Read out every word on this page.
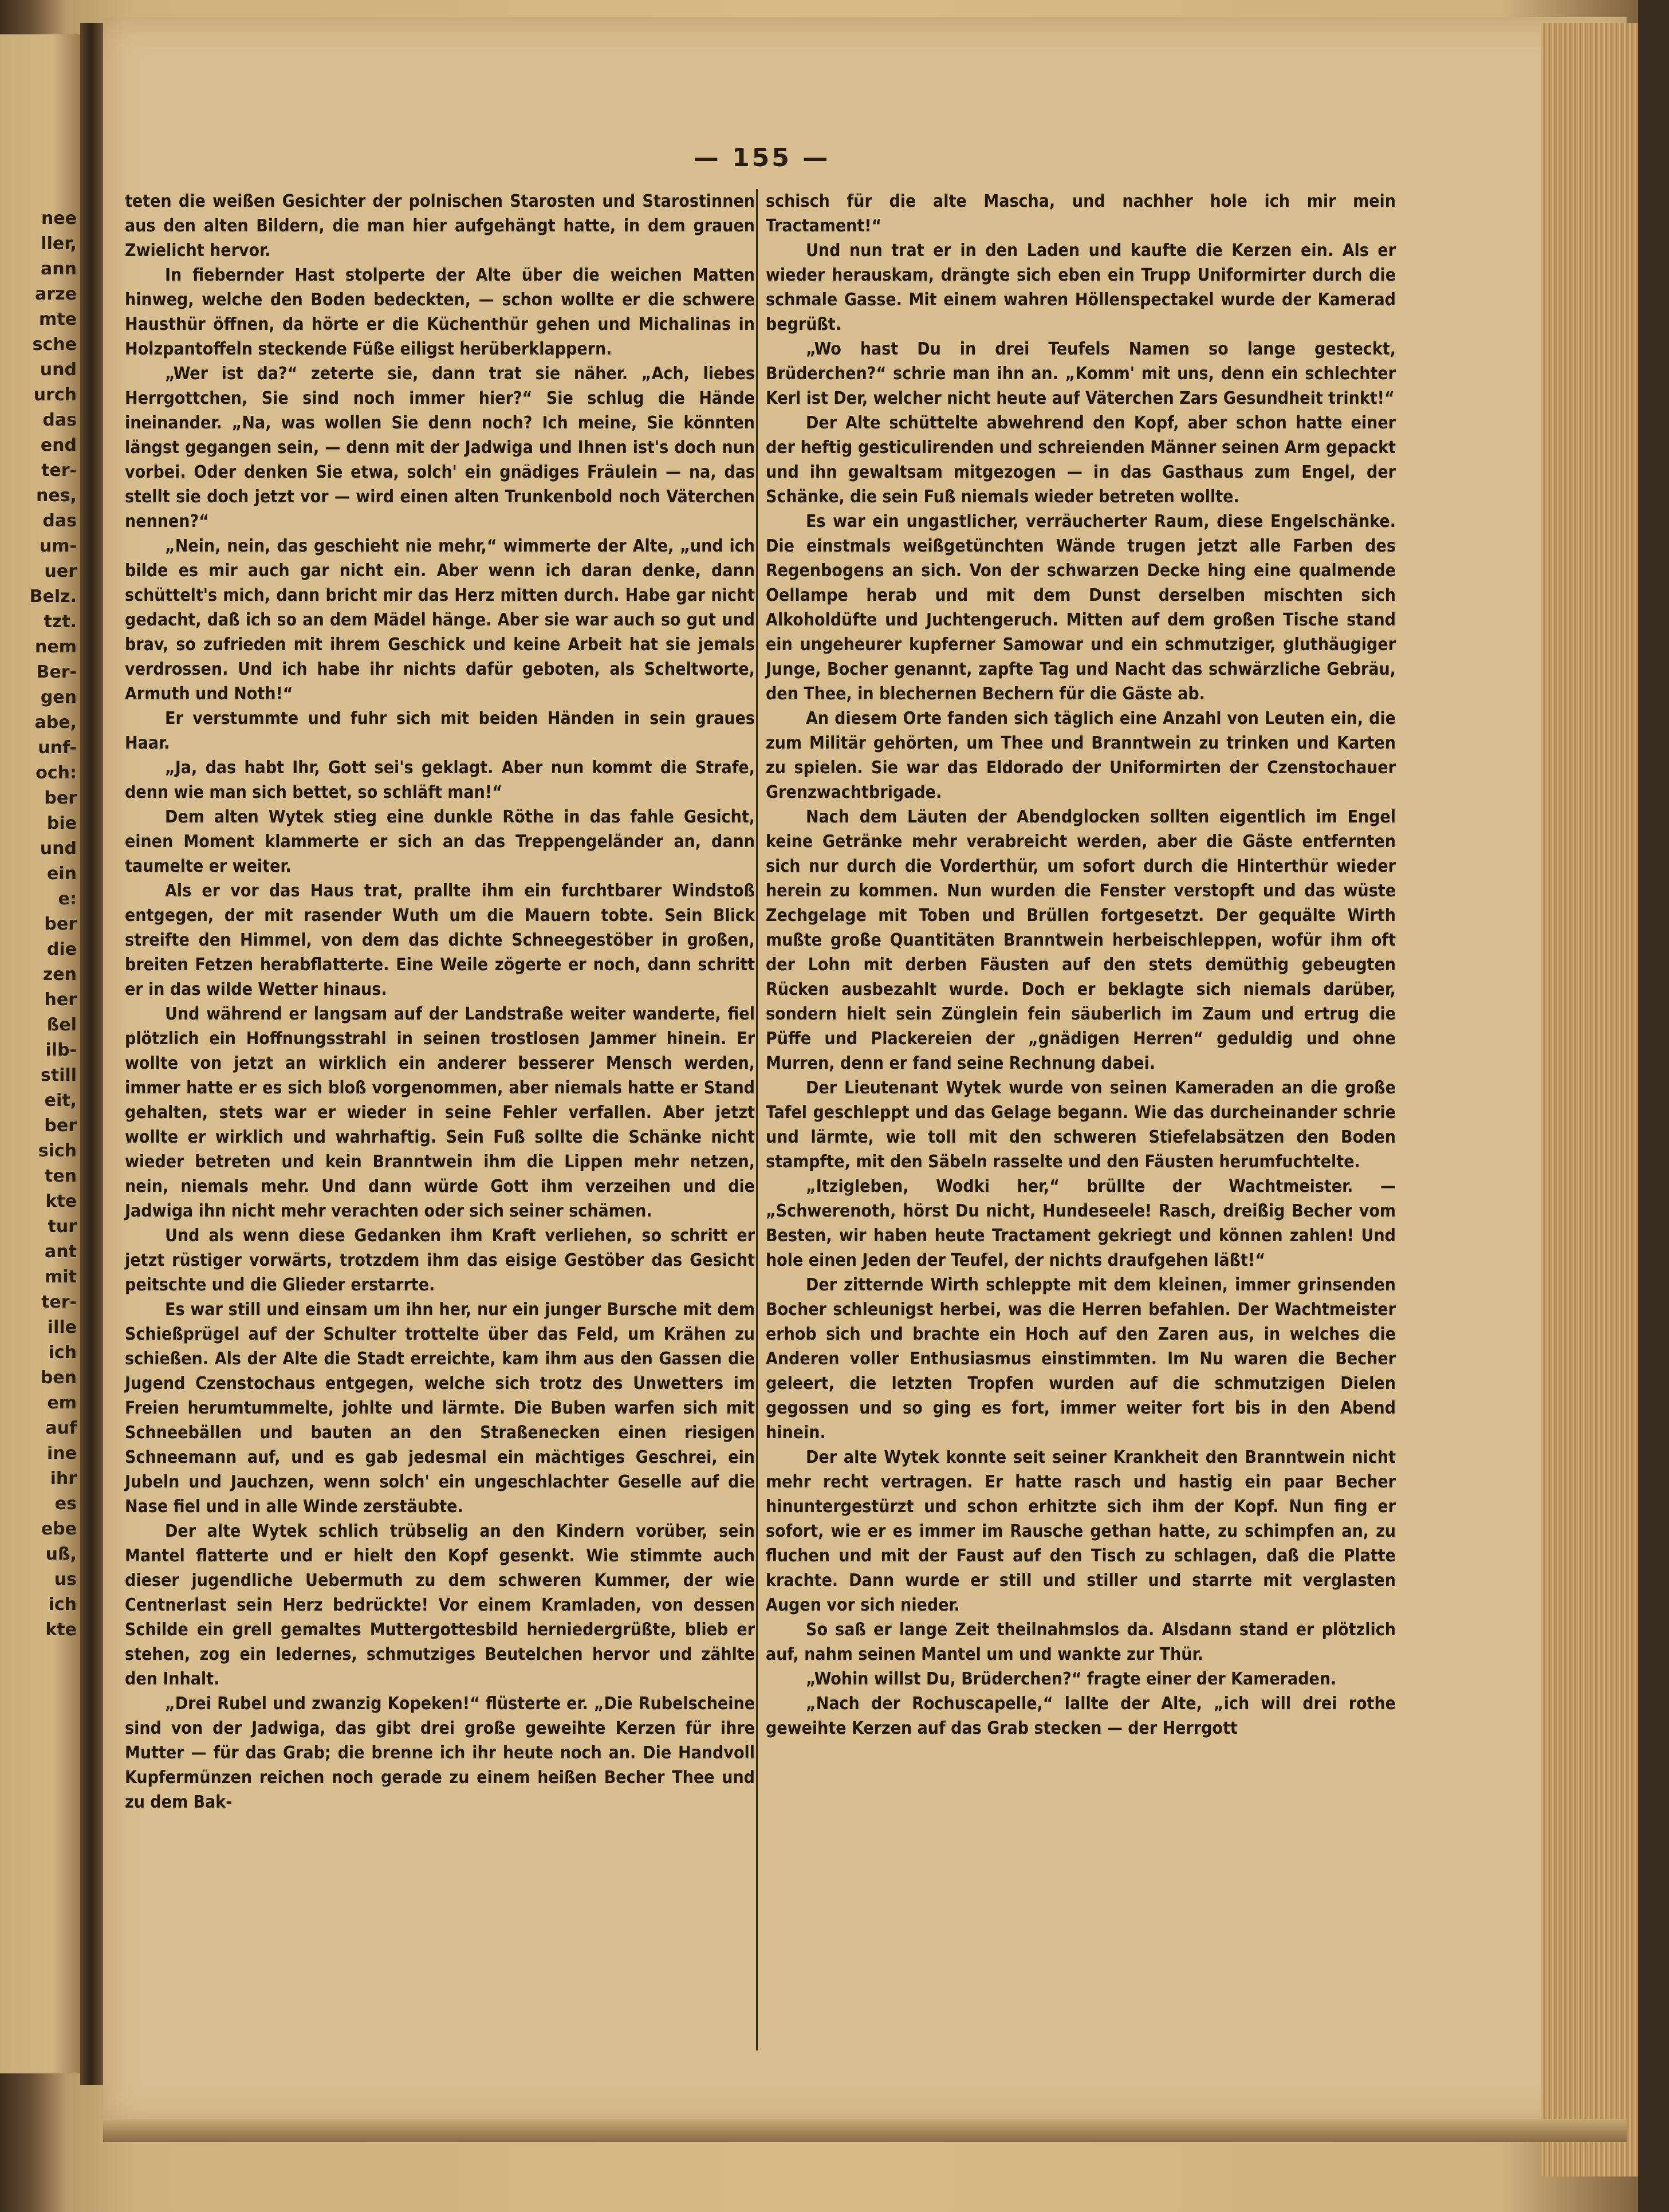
nee
ller,
ann
arze
mte
sche
und
urch
das
end
ter-
nes,
das
um-
uer
Belz.
tzt.
nem
Ber-
gen
abe,
unf-
och:
ber
bie
und
ein
e:
ber
die
zen
her
ßel
ilb-
still
eit,
ber
sich
ten
kte
tur
ant
mit
ter-
ille
ich
ben
em
auf
ine
ihr
es
ebe
uß,
us
ich
kte
— 155 —

teten die weißen Gesichter der polnischen Starosten und Starostinnen aus den alten Bildern, die man hier aufgehängt hatte, in dem grauen Zwielicht hervor.

In fiebernder Hast stolperte der Alte über die weichen Matten hinweg, welche den Boden bedeckten, — schon wollte er die schwere Hausthür öffnen, da hörte er die Küchenthür gehen und Michalinas in Holzpantoffeln steckende Füße eiligst herüberklappern.

„Wer ist da?“ zeterte sie, dann trat sie näher. „Ach, liebes Herrgottchen, Sie sind noch immer hier?“ Sie schlug die Hände ineinander. „Na, was wollen Sie denn noch? Ich meine, Sie könnten längst gegangen sein, — denn mit der Jadwiga und Ihnen ist's doch nun vorbei. Oder denken Sie etwa, solch' ein gnädiges Fräulein — na, das stellt sie doch jetzt vor — wird einen alten Trunkenbold noch Väterchen nennen?“

„Nein, nein, das geschieht nie mehr,“ wimmerte der Alte, „und ich bilde es mir auch gar nicht ein. Aber wenn ich daran denke, dann schüttelt's mich, dann bricht mir das Herz mitten durch. Habe gar nicht gedacht, daß ich so an dem Mädel hänge. Aber sie war auch so gut und brav, so zufrieden mit ihrem Geschick und keine Arbeit hat sie jemals verdrossen. Und ich habe ihr nichts dafür geboten, als Scheltworte, Armuth und Noth!“

Er verstummte und fuhr sich mit beiden Händen in sein graues Haar.

„Ja, das habt Ihr, Gott sei's geklagt. Aber nun kommt die Strafe, denn wie man sich bettet, so schläft man!“

Dem alten Wytek stieg eine dunkle Röthe in das fahle Gesicht, einen Moment klammerte er sich an das Treppengeländer an, dann taumelte er weiter.

Als er vor das Haus trat, prallte ihm ein furchtbarer Windstoß entgegen, der mit rasender Wuth um die Mauern tobte. Sein Blick streifte den Himmel, von dem das dichte Schneegestöber in großen, breiten Fetzen herabflatterte. Eine Weile zögerte er noch, dann schritt er in das wilde Wetter hinaus.

Und während er langsam auf der Landstraße weiter wanderte, fiel plötzlich ein Hoffnungsstrahl in seinen trostlosen Jammer hinein. Er wollte von jetzt an wirklich ein anderer besserer Mensch werden, immer hatte er es sich bloß vorgenommen, aber niemals hatte er Stand gehalten, stets war er wieder in seine Fehler verfallen. Aber jetzt wollte er wirklich und wahrhaftig. Sein Fuß sollte die Schänke nicht wieder betreten und kein Branntwein ihm die Lippen mehr netzen, nein, niemals mehr. Und dann würde Gott ihm verzeihen und die Jadwiga ihn nicht mehr verachten oder sich seiner schämen.

Und als wenn diese Gedanken ihm Kraft verliehen, so schritt er jetzt rüstiger vorwärts, trotzdem ihm das eisige Gestöber das Gesicht peitschte und die Glieder erstarrte.

Es war still und einsam um ihn her, nur ein junger Bursche mit dem Schießprügel auf der Schulter trottelte über das Feld, um Krähen zu schießen. Als der Alte die Stadt erreichte, kam ihm aus den Gassen die Jugend Czenstochaus entgegen, welche sich trotz des Unwetters im Freien herumtummelte, johlte und lärmte. Die Buben warfen sich mit Schneebällen und bauten an den Straßenecken einen riesigen Schneemann auf, und es gab jedesmal ein mächtiges Geschrei, ein Jubeln und Jauchzen, wenn solch' ein ungeschlachter Geselle auf die Nase fiel und in alle Winde zerstäubte.

Der alte Wytek schlich trübselig an den Kindern vorüber, sein Mantel flatterte und er hielt den Kopf gesenkt. Wie stimmte auch dieser jugendliche Uebermuth zu dem schweren Kummer, der wie Centnerlast sein Herz bedrückte! Vor einem Kramladen, von dessen Schilde ein grell gemaltes Muttergottesbild herniedergrüßte, blieb er stehen, zog ein ledernes, schmutziges Beutelchen hervor und zählte den Inhalt.

„Drei Rubel und zwanzig Kopeken!“ flüsterte er. „Die Rubelscheine sind von der Jadwiga, das gibt drei große geweihte Kerzen für ihre Mutter — für das Grab; die brenne ich ihr heute noch an. Die Handvoll Kupfermünzen reichen noch gerade zu einem heißen Becher Thee und zu dem Bak-

schisch für die alte Mascha, und nachher hole ich mir mein Tractament!“

Und nun trat er in den Laden und kaufte die Kerzen ein. Als er wieder herauskam, drängte sich eben ein Trupp Uniformirter durch die schmale Gasse. Mit einem wahren Höllenspectakel wurde der Kamerad begrüßt.

„Wo hast Du in drei Teufels Namen so lange gesteckt, Brüderchen?“ schrie man ihn an. „Komm' mit uns, denn ein schlechter Kerl ist Der, welcher nicht heute auf Väterchen Zars Gesundheit trinkt!“

Der Alte schüttelte abwehrend den Kopf, aber schon hatte einer der heftig gesticulirenden und schreienden Männer seinen Arm gepackt und ihn gewaltsam mitgezogen — in das Gasthaus zum Engel, der Schänke, die sein Fuß niemals wieder betreten wollte.

Es war ein ungastlicher, verräucherter Raum, diese Engelschänke. Die einstmals weißgetünchten Wände trugen jetzt alle Farben des Regenbogens an sich. Von der schwarzen Decke hing eine qualmende Oellampe herab und mit dem Dunst derselben mischten sich Alkoholdüfte und Juchtengeruch. Mitten auf dem großen Tische stand ein ungeheurer kupferner Samowar und ein schmutziger, gluthäugiger Junge, Bocher genannt, zapfte Tag und Nacht das schwärzliche Gebräu, den Thee, in blechernen Bechern für die Gäste ab.

An diesem Orte fanden sich täglich eine Anzahl von Leuten ein, die zum Militär gehörten, um Thee und Branntwein zu trinken und Karten zu spielen. Sie war das Eldorado der Uniformirten der Czenstochauer Grenzwachtbrigade.

Nach dem Läuten der Abendglocken sollten eigentlich im Engel keine Getränke mehr verabreicht werden, aber die Gäste entfernten sich nur durch die Vorderthür, um sofort durch die Hinterthür wieder herein zu kommen. Nun wurden die Fenster verstopft und das wüste Zechgelage mit Toben und Brüllen fortgesetzt. Der gequälte Wirth mußte große Quantitäten Branntwein herbeischleppen, wofür ihm oft der Lohn mit derben Fäusten auf den stets demüthig gebeugten Rücken ausbezahlt wurde. Doch er beklagte sich niemals darüber, sondern hielt sein Zünglein fein säuberlich im Zaum und ertrug die Püffe und Plackereien der „gnädigen Herren“ geduldig und ohne Murren, denn er fand seine Rechnung dabei.

Der Lieutenant Wytek wurde von seinen Kameraden an die große Tafel geschleppt und das Gelage begann. Wie das durcheinander schrie und lärmte, wie toll mit den schweren Stiefelabsätzen den Boden stampfte, mit den Säbeln rasselte und den Fäusten herumfuchtelte.

„Itzigleben, Wodki her,“ brüllte der Wachtmeister. — „Schwerenoth, hörst Du nicht, Hundeseele! Rasch, dreißig Becher vom Besten, wir haben heute Tractament gekriegt und können zahlen! Und hole einen Jeden der Teufel, der nichts draufgehen läßt!“

Der zitternde Wirth schleppte mit dem kleinen, immer grinsenden Bocher schleunigst herbei, was die Herren befahlen. Der Wachtmeister erhob sich und brachte ein Hoch auf den Zaren aus, in welches die Anderen voller Enthusiasmus einstimmten. Im Nu waren die Becher geleert, die letzten Tropfen wurden auf die schmutzigen Dielen gegossen und so ging es fort, immer weiter fort bis in den Abend hinein.

Der alte Wytek konnte seit seiner Krankheit den Branntwein nicht mehr recht vertragen. Er hatte rasch und hastig ein paar Becher hinuntergestürzt und schon erhitzte sich ihm der Kopf. Nun fing er sofort, wie er es immer im Rausche gethan hatte, zu schimpfen an, zu fluchen und mit der Faust auf den Tisch zu schlagen, daß die Platte krachte. Dann wurde er still und stiller und starrte mit verglasten Augen vor sich nieder.

So saß er lange Zeit theilnahmslos da. Alsdann stand er plötzlich auf, nahm seinen Mantel um und wankte zur Thür.

„Wohin willst Du, Brüderchen?“ fragte einer der Kameraden.

„Nach der Rochuscapelle,“ lallte der Alte, „ich will drei rothe geweihte Kerzen auf das Grab stecken — der Herrgott
